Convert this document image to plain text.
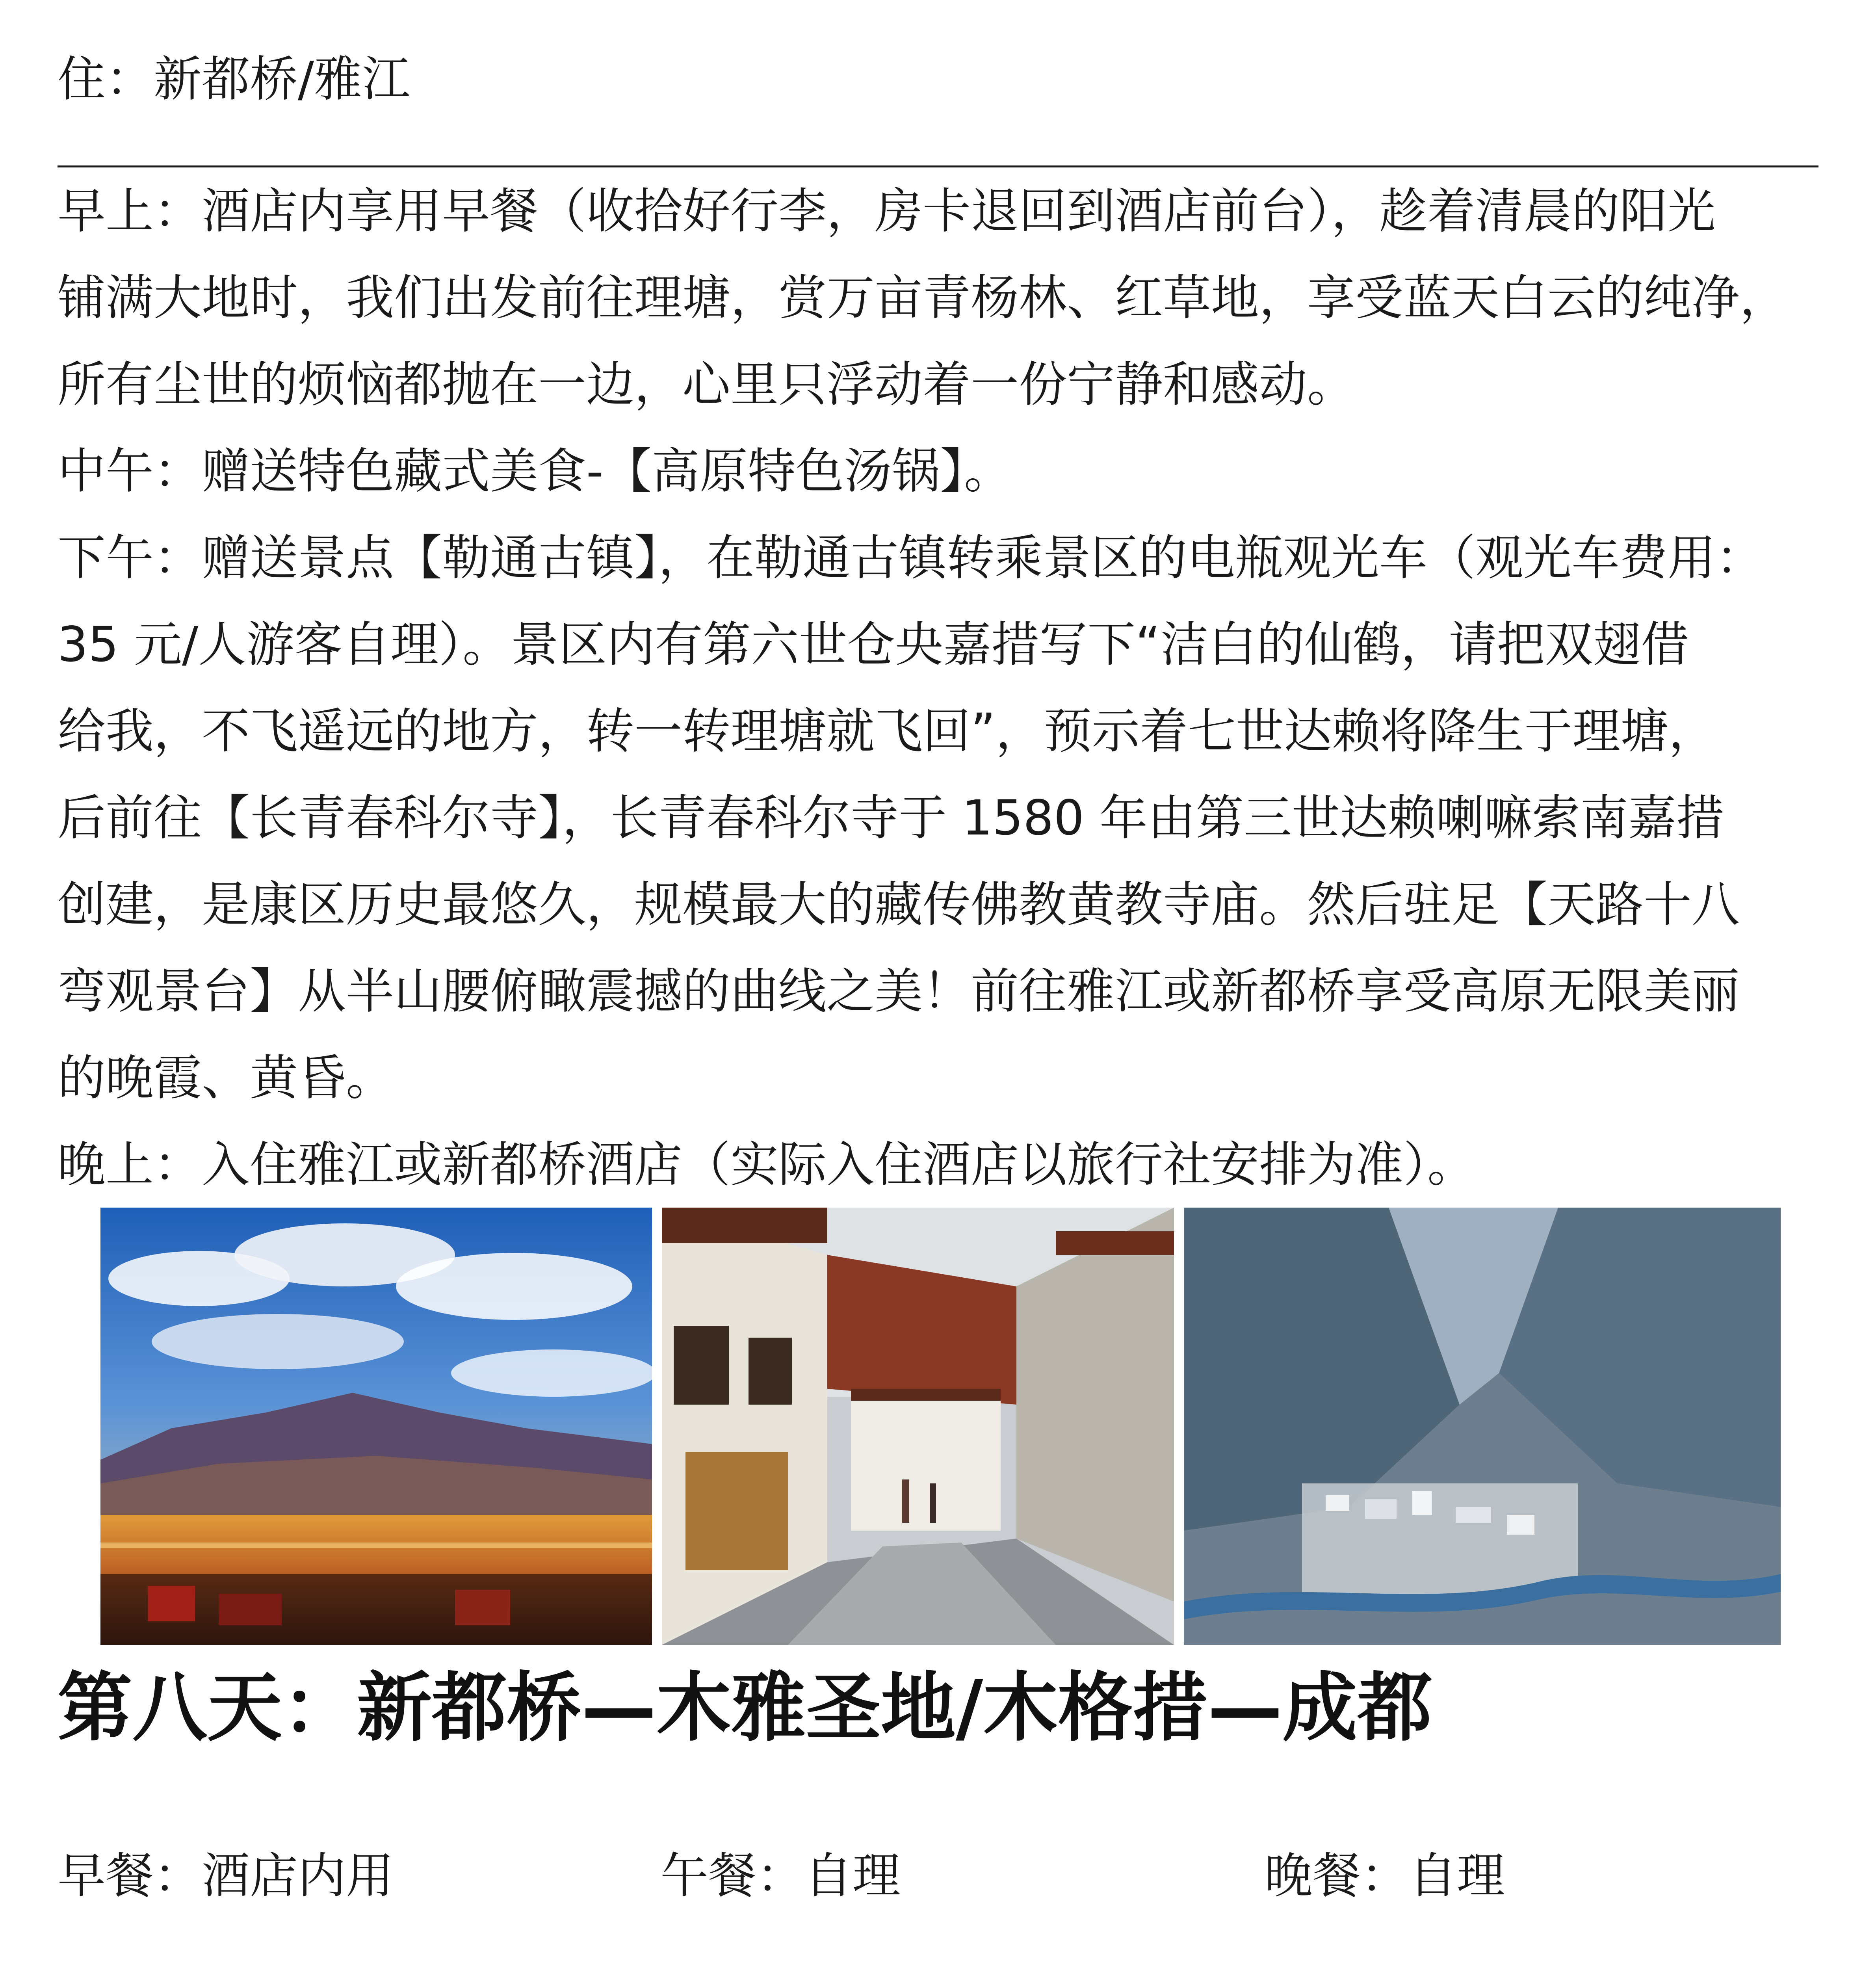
住：新都桥/雅江
早上：酒店内享用早餐（收拾好行李，房卡退回到酒店前台），趁着清晨的阳光
铺满大地时，我们出发前往理塘，赏万亩青杨林、红草地，享受蓝天白云的纯净，
所有尘世的烦恼都抛在一边，心里只浮动着一份宁静和感动。
中午：赠送特色藏式美食-【高原特色汤锅】。
下午：赠送景点【勒通古镇】，在勒通古镇转乘景区的电瓶观光车（观光车费用：
35 元/人游客自理）。景区内有第六世仓央嘉措写下“洁白的仙鹤，请把双翅借
给我，不飞遥远的地方，转一转理塘就飞回”，预示着七世达赖将降生于理塘，
后前往【长青春科尔寺】，长青春科尔寺于 1580 年由第三世达赖喇嘛索南嘉措
创建，是康区历史最悠久，规模最大的藏传佛教黄教寺庙。然后驻足【天路十八
弯观景台】从半山腰俯瞰震撼的曲线之美！前往雅江或新都桥享受高原无限美丽
的晚霞、黄昏。
晚上：入住雅江或新都桥酒店（实际入住酒店以旅行社安排为准）。
第八天：新都桥—木雅圣地/木格措—成都
早餐：酒店内用	午餐：自理	晚餐：自理
